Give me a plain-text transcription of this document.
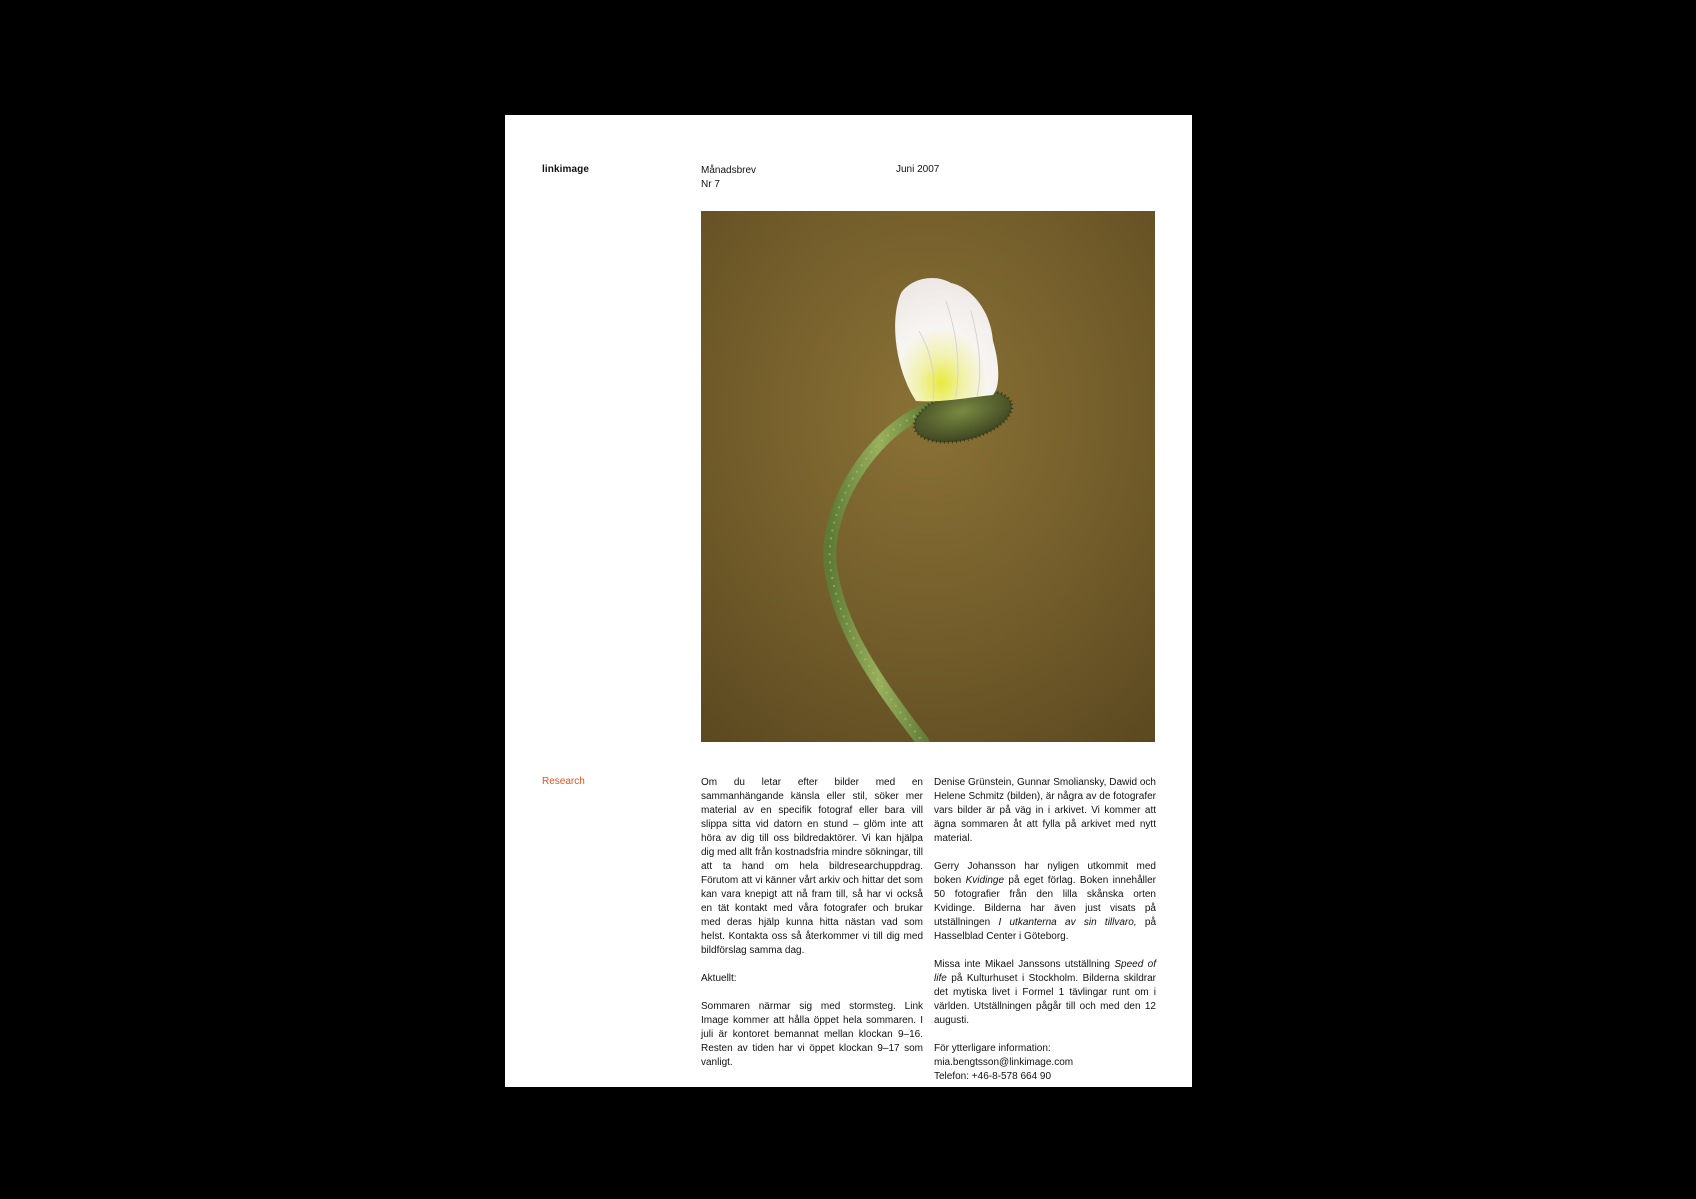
linkimage	Månadsbrev
Nr 7
Juni 2007
Research	Om du letar efter bilder med en sammanhängande känsla eller stil, söker mer material av en specifik fotograf eller bara vill slippa sitta vid datorn en stund – glöm inte att höra av dig till oss bildredaktörer. Vi kan hjälpa dig med allt från kostnadsfria mindre sökningar, till att ta hand om hela bildresearchuppdrag. Förutom att vi känner vårt arkiv och hittar det som kan vara knepigt att nå fram till, så har vi också en tät kontakt med våra fotografer och brukar med deras hjälp kunna hitta nästan vad som helst. Kontakta oss så återkommer vi till dig med bildförslag samma dag.

Aktuellt:

Sommaren närmar sig med stormsteg. Link Image kommer att hålla öppet hela sommaren. I juli är kontoret bemannat mellan klockan 9–16. Resten av tiden har vi öppet klockan 9–17 som vanligt.

Denise Grünstein, Gunnar Smoliansky, Dawid och Helene Schmitz (bilden), är några av de fotografer vars bilder är på väg in i arkivet. Vi kommer att ägna sommaren åt att fylla på arkivet med nytt material.

Gerry Johansson har nyligen utkommit med boken Kvidinge på eget förlag. Boken innehåller 50 fotografier från den lilla skånska orten Kvidinge. Bilderna har även just visats på utställningen I utkanterna av sin tillvaro, på Hasselblad Center i Göteborg.

Missa inte Mikael Janssons utställning Speed of life på Kulturhuset i Stockholm. Bilderna skildrar det mytiska livet i Formel 1 tävlingar runt om i världen. Utställningen pågår till och med den 12 augusti.

För ytterligare information:
mia.bengtsson@linkimage.com
Telefon: +46-8-578 664 90
